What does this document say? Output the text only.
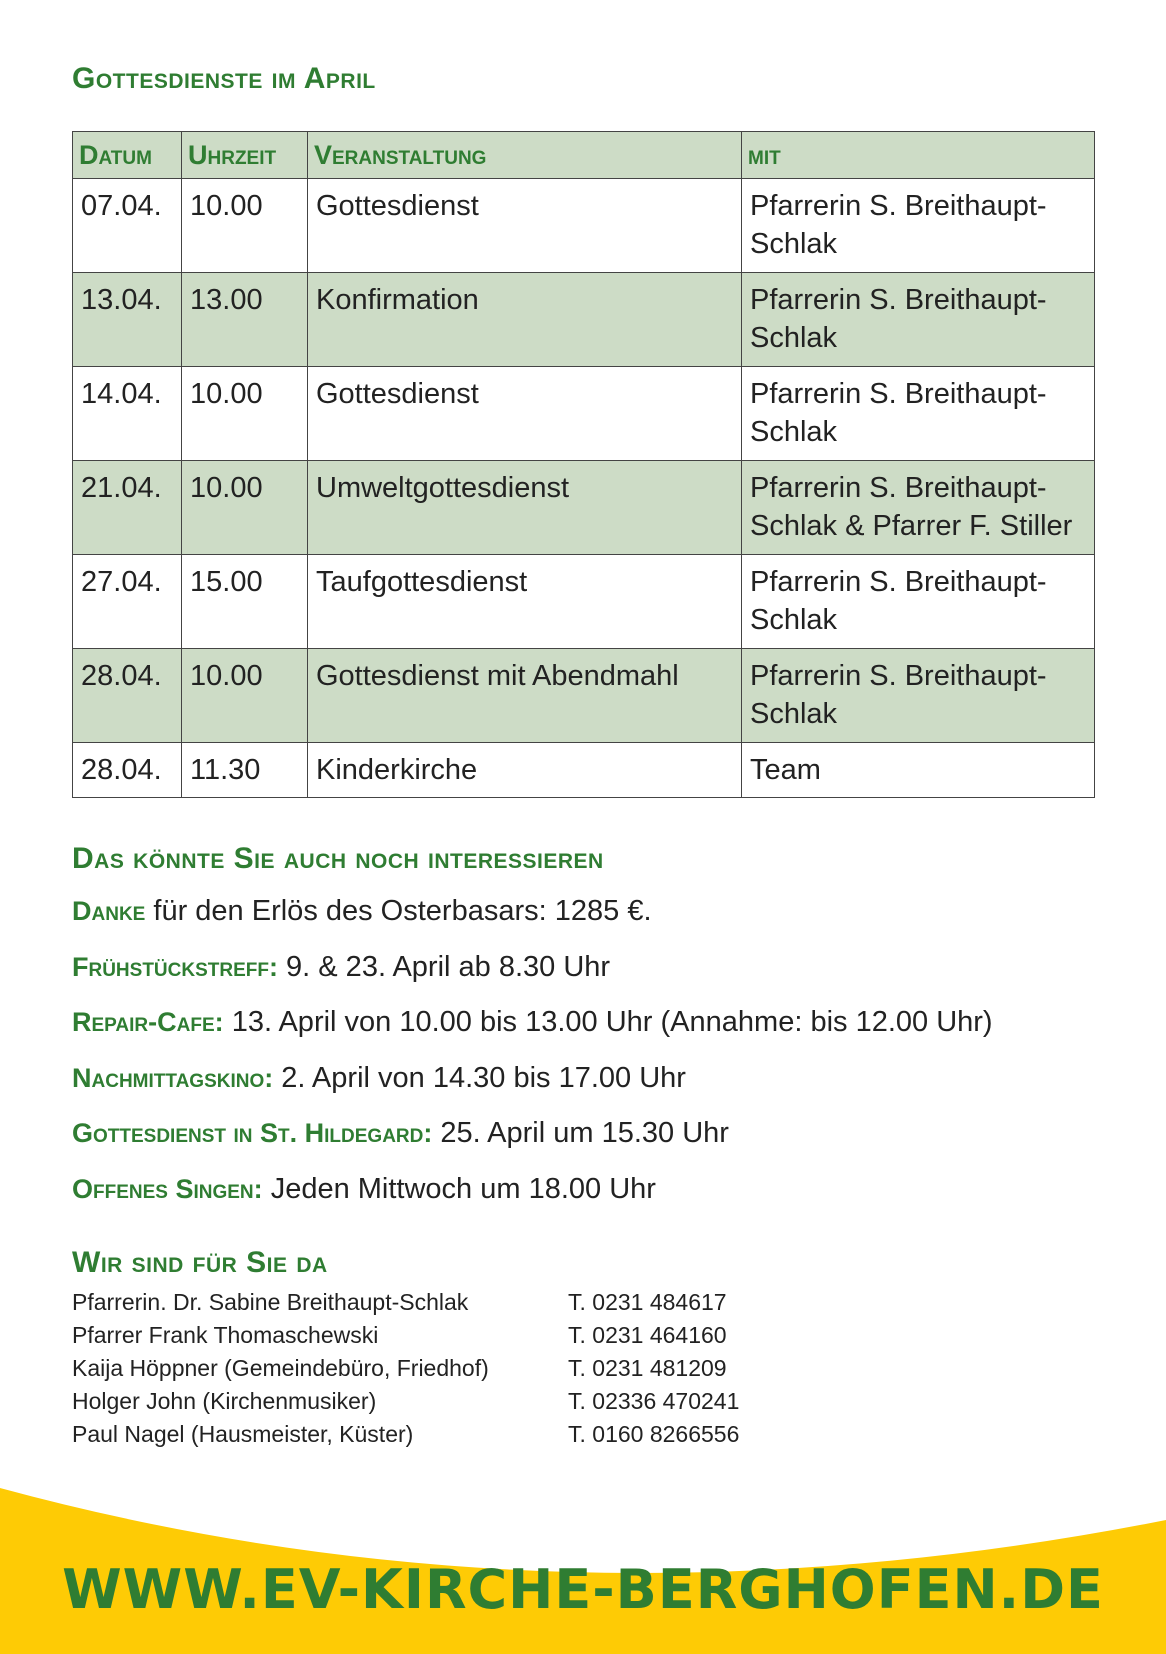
Gottesdienste im April
Datum	Uhrzeit	Veranstaltung	mit
07.04.	10.00	Gottesdienst	Pfarrerin S. Breithaupt-Schlak
13.04.	13.00	Konfirmation	Pfarrerin S. Breithaupt-Schlak
14.04.	10.00	Gottesdienst	Pfarrerin S. Breithaupt-Schlak
21.04.	10.00	Umweltgottesdienst	Pfarrerin S. Breithaupt-Schlak & Pfarrer F. Stiller
27.04.	15.00	Taufgottesdienst	Pfarrerin S. Breithaupt-Schlak
28.04.	10.00	Gottesdienst mit Abendmahl	Pfarrerin S. Breithaupt-Schlak
28.04.	11.30	Kinderkirche	Team
Das könnte Sie auch noch interessieren
Danke für den Erlös des Osterbasars: 1285 €.
Frühstückstreff: 9. & 23. April ab 8.30 Uhr
Repair-Cafe: 13. April von 10.00 bis 13.00 Uhr (Annahme: bis 12.00 Uhr)
Nachmittagskino: 2. April von 14.30 bis 17.00 Uhr
Gottesdienst in St. Hildegard: 25. April um 15.30 Uhr
Offenes Singen: Jeden Mittwoch um 18.00 Uhr
Wir sind für Sie da
Pfarrerin. Dr. Sabine Breithaupt-Schlak	T. 0231 484617
Pfarrer Frank Thomaschewski	T. 0231 464160
Kaija Höppner (Gemeindebüro, Friedhof)	T. 0231 481209
Holger John (Kirchenmusiker)	T. 02336 470241
Paul Nagel (Hausmeister, Küster)	T. 0160 8266556
WWW.EV-KIRCHE-BERGHOFEN.DE
